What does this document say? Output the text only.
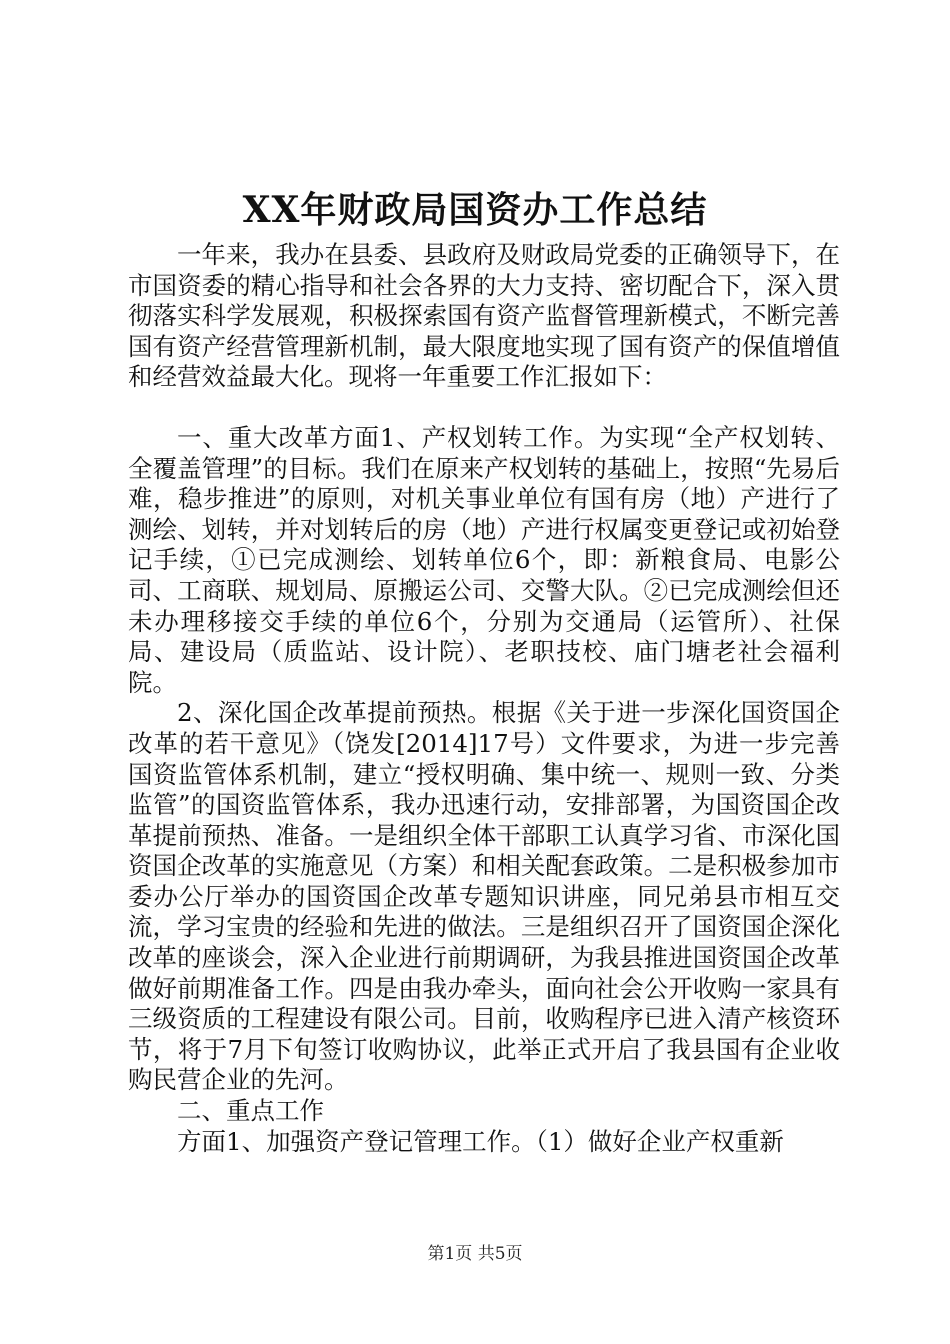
XX年财政局国资办工作总结

一年来，我办在县委、县政府及财政局党委的正确领导下，在市国资委的精心指导和社会各界的大力支持、密切配合下，深入贯彻落实科学发展观，积极探索国有资产监督管理新模式，不断完善国有资产经营管理新机制，最大限度地实现了国有资产的保值增值和经营效益最大化。现将一年重要工作汇报如下：

一、重大改革方面1、产权划转工作。为实现“全产权划转、全覆盖管理”的目标。我们在原来产权划转的基础上，按照“先易后难，稳步推进”的原则，对机关事业单位有国有房（地）产进行了测绘、划转，并对划转后的房（地）产进行权属变更登记或初始登记手续，①已完成测绘、划转单位6个，即：新粮食局、电影公司、工商联、规划局、原搬运公司、交警大队。②已完成测绘但还未办理移接交手续的单位6个，分别为交通局（运管所）、社保局、建设局（质监站、设计院）、老职技校、庙门塘老社会福利院。

2、深化国企改革提前预热。根据《关于进一步深化国资国企改革的若干意见》（饶发[2014]17号）文件要求，为进一步完善国资监管体系机制，建立“授权明确、集中统一、规则一致、分类监管”的国资监管体系，我办迅速行动，安排部署，为国资国企改革提前预热、准备。一是组织全体干部职工认真学习省、市深化国资国企改革的实施意见（方案）和相关配套政策。二是积极参加市委办公厅举办的国资国企改革专题知识讲座，同兄弟县市相互交流，学习宝贵的经验和先进的做法。三是组织召开了国资国企深化改革的座谈会，深入企业进行前期调研，为我县推进国资国企改革做好前期准备工作。四是由我办牵头，面向社会公开收购一家具有三级资质的工程建设有限公司。目前，收购程序已进入清产核资环节，将于7月下旬签订收购协议，此举正式开启了我县国有企业收购民营企业的先河。

二、重点工作

方面1、加强资产登记管理工作。（1）做好企业产权重新

第1页 共5页
